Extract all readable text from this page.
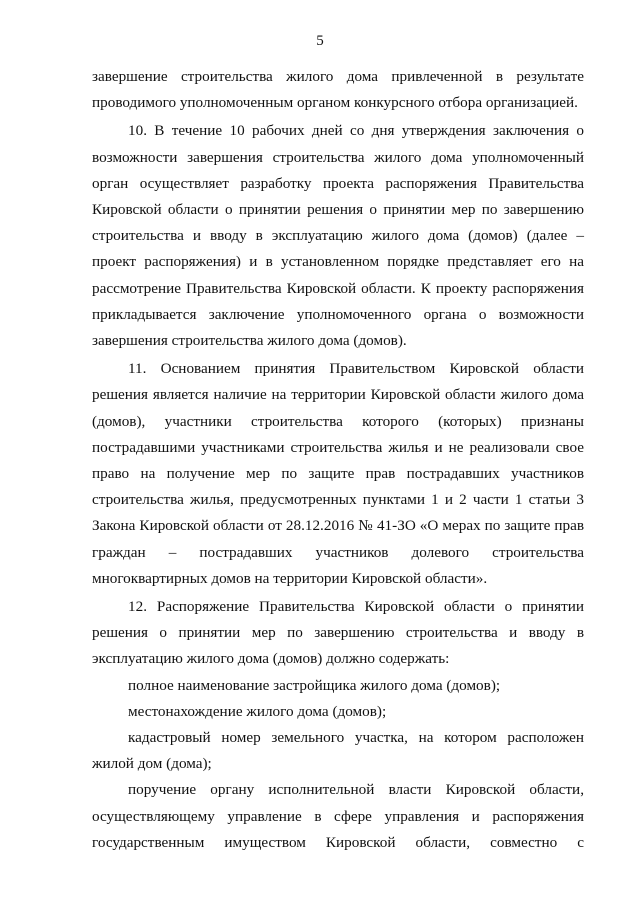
5

завершение строительства жилого дома привлеченной в результате проводимого уполномоченным органом конкурсного отбора организацией.

10. В течение 10 рабочих дней со дня утверждения заключения о возможности завершения строительства жилого дома уполномоченный орган осуществляет разработку проекта распоряжения Правительства Кировской области о принятии решения о принятии мер по завершению строительства и вводу в эксплуатацию жилого дома (домов) (далее – проект распоряжения) и в установленном порядке представляет его на рассмотрение Правительства Кировской области. К проекту распоряжения прикладывается заключение уполномоченного органа о возможности завершения строительства жилого дома (домов).

11. Основанием принятия Правительством Кировской области решения является наличие на территории Кировской области жилого дома (домов), участники строительства которого (которых) признаны пострадавшими участниками строительства жилья и не реализовали свое право на получение мер по защите прав пострадавших участников строительства жилья, предусмотренных пунктами 1 и 2 части 1 статьи 3 Закона Кировской области от 28.12.2016 № 41-ЗО «О мерах по защите прав граждан – пострадавших участников долевого строительства многоквартирных домов на территории Кировской области».

12. Распоряжение Правительства Кировской области о принятии решения о принятии мер по завершению строительства и вводу в эксплуатацию жилого дома (домов) должно содержать:

полное наименование застройщика жилого дома (домов);

местонахождение жилого дома (домов);

кадастровый номер земельного участка, на котором расположен жилой дом (дома);

поручение органу исполнительной власти Кировской области, осуществляющему управление в сфере управления и распоряжения государственным имуществом Кировской области, совместно с
